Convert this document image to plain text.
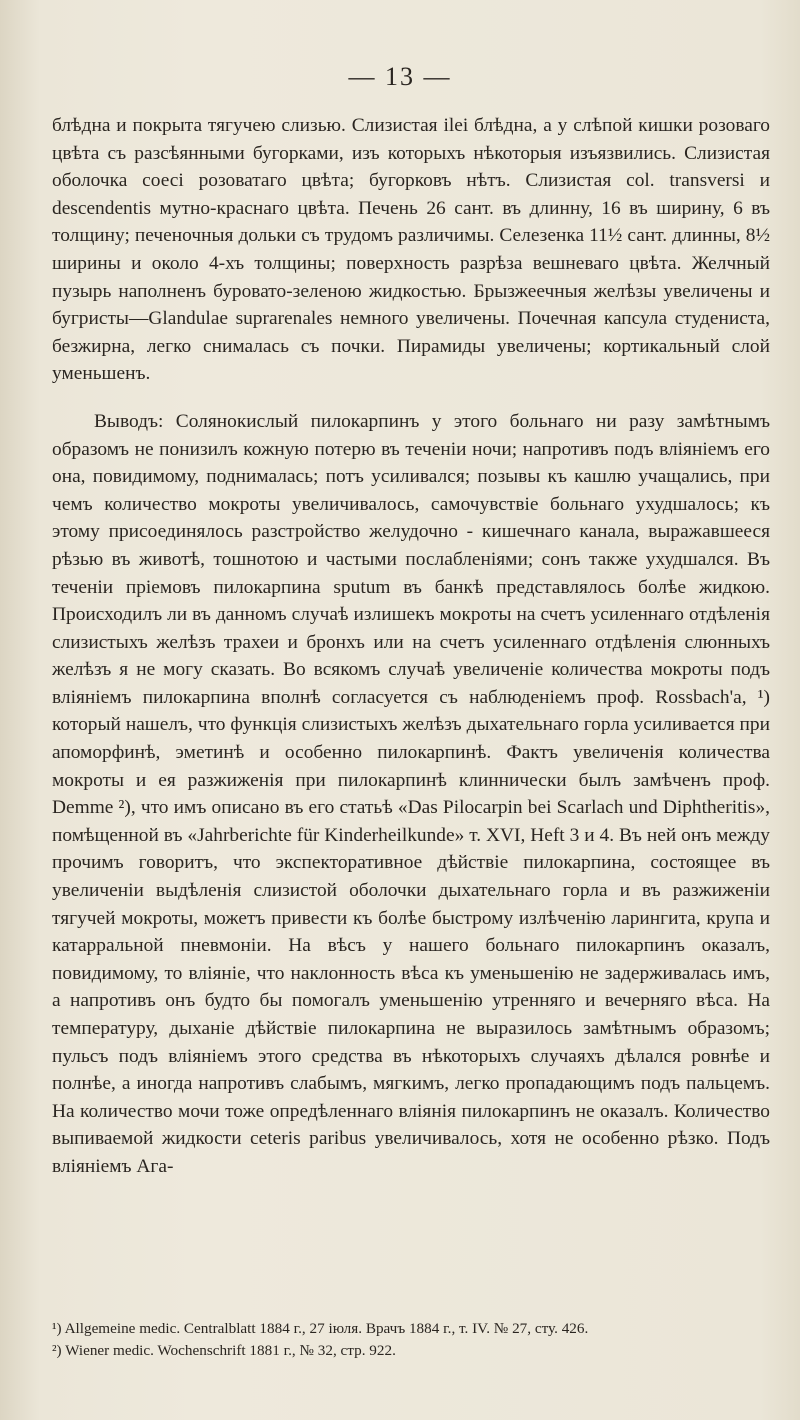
— 13 —

блѣдна и покрыта тягучею слизью. Слизистая ilei блѣдна, а у слѣпой кишки розоваго цвѣта съ разсѣянными бугорками, изъ которыхъ нѣкоторыя изъязвились. Слизистая оболочка соесі розоватаго цвѣта; бугорковъ нѣтъ. Слизистая col. transversi и descendentis мутно-краснаго цвѣта. Печень 26 сант. въ длинну, 16 въ ширину, 6 въ толщину; печеночныя дольки съ трудомъ различимы. Селезенка 11½ сант. длинны, 8½ ширины и около 4-хъ толщины; поверхность разрѣза вешневаго цвѣта. Желчный пузырь наполненъ буровато-зеленою жидкостью. Брызжеечныя желѣзы увеличены и бугристы—Glandulae suprarenales немного увеличены. Почечная капсула студениста, безжирна, легко снималась съ почки. Пирамиды увеличены; кортикальный слой уменьшенъ.

Выводъ: Солянокислый пилокарпинъ у этого больнаго ни разу замѣтнымъ образомъ не понизилъ кожную потерю въ теченіи ночи; напротивъ подъ вліяніемъ его она, повидимому, поднималась; потъ усиливался; позывы къ кашлю учащались, при чемъ количество мокроты увеличивалось, самочувствіе больнаго ухудшалось; къ этому присоединялось разстройство желудочно - кишечнаго канала, выражавшееся рѣзью въ животѣ, тошнотою и частыми послабленіями; сонъ также ухудшался. Въ теченіи пріемовъ пилокарпина sputum въ банкѣ представлялось болѣе жидкою. Происходилъ ли въ данномъ случаѣ излишекъ мокроты на счетъ усиленнаго отдѣленія слизистыхъ желѣзъ трахеи и бронхъ или на счетъ усиленнаго отдѣленія слюнныхъ желѣзъ я не могу сказать. Во всякомъ случаѣ увеличеніе количества мокроты подъ вліяніемъ пилокарпина вполнѣ согласуется съ наблюденіемъ проф. Rossbach'а, ¹) который нашелъ, что функція слизистыхъ желѣзъ дыхательнаго горла усиливается при апоморфинѣ, эметинѣ и особенно пилокарпинѣ. Фактъ увеличенія количества мокроты и ея разжиженія при пилокарпинѣ клиннически былъ замѣченъ проф. Demme ²), что имъ описано въ его статьѣ «Das Pilocarpin bei Scarlach und Diphtheritis», помѣщенной въ «Jahrberichte für Kinderheilkunde» т. XVI, Heft 3 и 4. Въ ней онъ между прочимъ говоритъ, что экспекторативное дѣйствіе пилокарпина, состоящее въ увеличеніи выдѣленія слизистой оболочки дыхательнаго горла и въ разжиженіи тягучей мокроты, можетъ привести къ болѣе быстрому излѣченію ларингита, крупа и катарральной пневмоніи. На вѣсъ у нашего больнаго пилокарпинъ оказалъ, повидимому, то вліяніе, что наклонность вѣса къ уменьшенію не задерживалась имъ, а напротивъ онъ будто бы помогалъ уменьшенію утренняго и вечерняго вѣса. На температуру, дыханіе дѣйствіе пилокарпина не выразилось замѣтнымъ образомъ; пульсъ подъ вліяніемъ этого средства въ нѣкоторыхъ случаяхъ дѣлался ровнѣе и полнѣе, а иногда напротивъ слабымъ, мягкимъ, легко пропадающимъ подъ пальцемъ. На количество мочи тоже опредѣленнаго вліянія пилокарпинъ не оказалъ. Количество выпиваемой жидкости ceteris paribus увеличивалось, хотя не особенно рѣзко. Подъ вліяніемъ Ага-

¹) Allgemeine medic. Centralblatt 1884 г., 27 іюля. Врачъ 1884 г., т. IV. № 27, сту. 426.

²) Wiener medic. Wochenschrift 1881 г., № 32, стр. 922.
